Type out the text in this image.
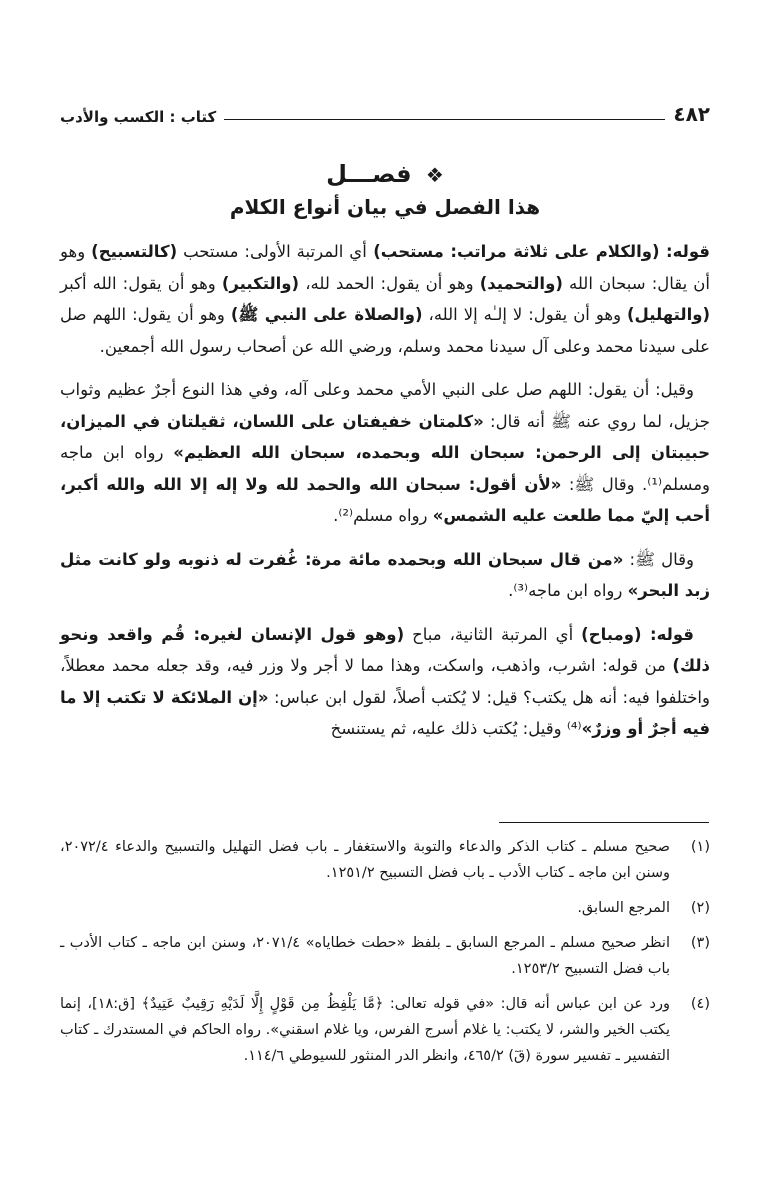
٤٨٢
كتاب : الكسب والأدب
❖ فصـــل
هذا الفصل في بيان أنواع الكلام

قوله: (والكلام على ثلاثة مراتب: مستحب) أي المرتبة الأولى: مستحب (كالتسبيح) وهو أن يقال: سبحان الله (والتحميد) وهو أن يقول: الحمد لله، (والتكبير) وهو أن يقول: الله أكبر (والتهليل) وهو أن يقول: لا إلـٰه إلا الله، (والصلاة على النبي ﷺ) وهو أن يقول: اللهم صل على سيدنا محمد وعلى آل سيدنا محمد وسلم، ورضي الله عن أصحاب رسول الله أجمعين.

وقيل: أن يقول: اللهم صل على النبي الأمي محمد وعلى آله، وفي هذا النوع أجرٌ عظيم وثواب جزيل، لما روي عنه ﷺ أنه قال: «كلمتان خفيفتان على اللسان، ثقيلتان في الميزان، حبيبتان إلى الرحمن: سبحان الله وبحمده، سبحان الله العظيم» رواه ابن ماجه ومسلم⁽¹⁾. وقال ﷺ: «لأن أقول: سبحان الله والحمد لله ولا إله إلا الله والله أكبر، أحب إليّ مما طلعت عليه الشمس» رواه مسلم⁽²⁾.

وقال ﷺ: «من قال سبحان الله وبحمده مائة مرة: غُفرت له ذنوبه ولو كانت مثل زبد البحر» رواه ابن ماجه⁽³⁾.

قوله: (ومباح) أي المرتبة الثانية، مباح (وهو قول الإنسان لغيره: قُم واقعد ونحو ذلك) من قوله: اشرب، واذهب، واسكت، وهذا مما لا أجر ولا وزر فيه، وقد جعله محمد معطلاً، واختلفوا فيه: أنه هل يكتب؟ قيل: لا يُكتب أصلاً، لقول ابن عباس: «إن الملائكة لا تكتب إلا ما فيه أجرٌ أو وزرٌ»⁽⁴⁾ وقيل: يُكتب ذلك عليه، ثم يستنسخ

(١)
صحيح مسلم ـ كتاب الذكر والدعاء والتوبة والاستغفار ـ باب فضل التهليل والتسبيح والدعاء ٢٠٧٢/٤، وسنن ابن ماجه ـ كتاب الأدب ـ باب فضل التسبيح ١٢٥١/٢.
(٢)
المرجع السابق.
(٣)
انظر صحيح مسلم ـ المرجع السابق ـ بلفظ «حطت خطاياه» ٢٠٧١/٤، وسنن ابن ماجه ـ كتاب الأدب ـ باب فضل التسبيح ١٢٥٣/٢.
(٤)
ورد عن ابن عباس أنه قال: «في قوله تعالى: ﴿مَّا يَلْفِظُ مِن قَوْلٍ إِلَّا لَدَيْهِ رَقِيبٌ عَتِيدٌ﴾ [ق:١٨]، إنما يكتب الخير والشر، لا يكتب: يا غلام أسرج الفرس، ويا غلام اسقني». رواه الحاكم في المستدرك ـ كتاب التفسير ـ تفسير سورة (قٓ) ٤٦٥/٢، وانظر الدر المنثور للسيوطي ١١٤/٦.
